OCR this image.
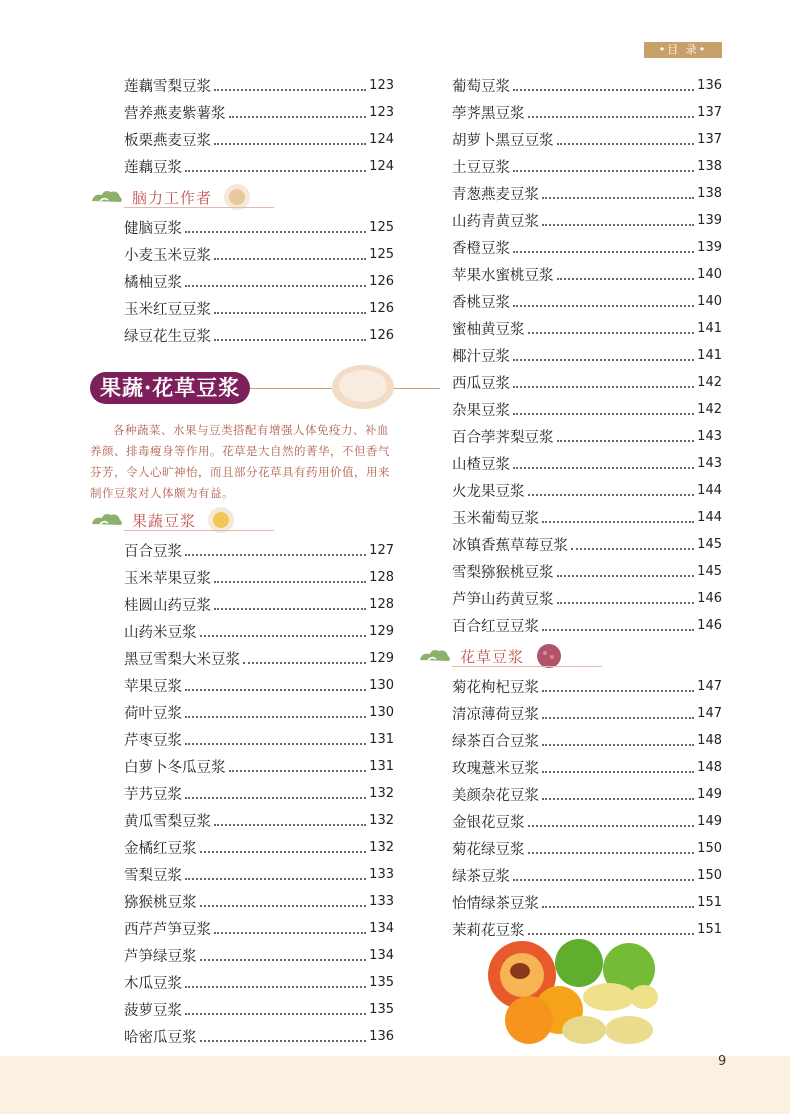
•目 录•
莲藕雪梨豆浆	123
营养燕麦紫薯浆	123
板栗燕麦豆浆	124
莲藕豆浆	124
脑力工作者
健脑豆浆	125
小麦玉米豆浆	125
橘柚豆浆	126
玉米红豆豆浆	126
绿豆花生豆浆	126
果蔬·花草豆浆
各种蔬菜、水果与豆类搭配有增强人体免疫力、补血养颜、排毒瘦身等作用。花草是大自然的菁华，不但香气芬芳，令人心旷神怡，而且部分花草具有药用价值，用来制作豆浆对人体颇为有益。
果蔬豆浆
百合豆浆	127
玉米苹果豆浆	128
桂圆山药豆浆	128
山药米豆浆	129
黑豆雪梨大米豆浆	129
苹果豆浆	130
荷叶豆浆	130
芹枣豆浆	131
白萝卜冬瓜豆浆	131
芋艿豆浆	132
黄瓜雪梨豆浆	132
金橘红豆浆	132
雪梨豆浆	133
猕猴桃豆浆	133
西芹芦笋豆浆	134
芦笋绿豆浆	134
木瓜豆浆	135
菠萝豆浆	135
哈密瓜豆浆	136
葡萄豆浆	136
荸荠黑豆浆	137
胡萝卜黑豆豆浆	137
土豆豆浆	138
青葱燕麦豆浆	138
山药青黄豆浆	139
香橙豆浆	139
苹果水蜜桃豆浆	140
香桃豆浆	140
蜜柚黄豆浆	141
椰汁豆浆	141
西瓜豆浆	142
杂果豆浆	142
百合荸荠梨豆浆	143
山楂豆浆	143
火龙果豆浆	144
玉米葡萄豆浆	144
冰镇香蕉草莓豆浆	145
雪梨猕猴桃豆浆	145
芦笋山药黄豆浆	146
百合红豆豆浆	146
花草豆浆
菊花枸杞豆浆	147
清凉薄荷豆浆	147
绿茶百合豆浆	148
玫瑰薏米豆浆	148
美颜杂花豆浆	149
金银花豆浆	149
菊花绿豆浆	150
绿茶豆浆	150
怡情绿茶豆浆	151
茉莉花豆浆	151
9
